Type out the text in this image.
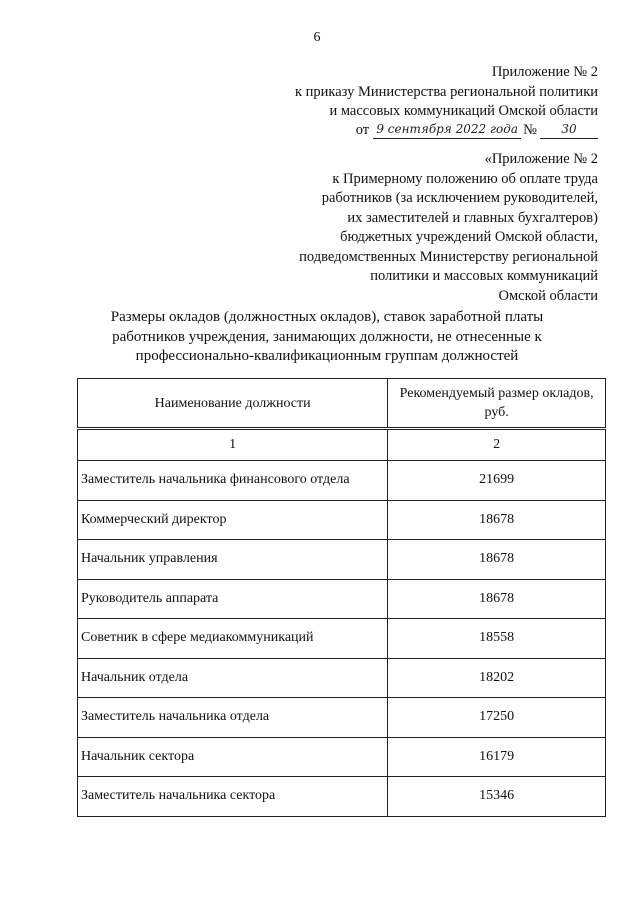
6
Приложение № 2
к приказу Министерства региональной политики
и массовых коммуникаций Омской области
от 9 сентября 2022 года №	30
«Приложение № 2
к Примерному положению об оплате труда
работников (за исключением руководителей,
их заместителей и главных бухгалтеров)
бюджетных учреждений Омской области,
подведомственных Министерству региональной
политики и массовых коммуникаций
Омской области
Размеры окладов (должностных окладов), ставок заработной платы
работников учреждения, занимающих должности, не отнесенные к
профессионально-квалификационным группам должностей
Наименование должности	Рекомендуемый размер окладов, руб.
1	2
Заместитель начальника финансового отдела	21699
Коммерческий директор	18678
Начальник управления	18678
Руководитель аппарата	18678
Советник в сфере медиакоммуникаций	18558
Начальник отдела	18202
Заместитель начальника отдела	17250
Начальник сектора	16179
Заместитель начальника сектора	15346
